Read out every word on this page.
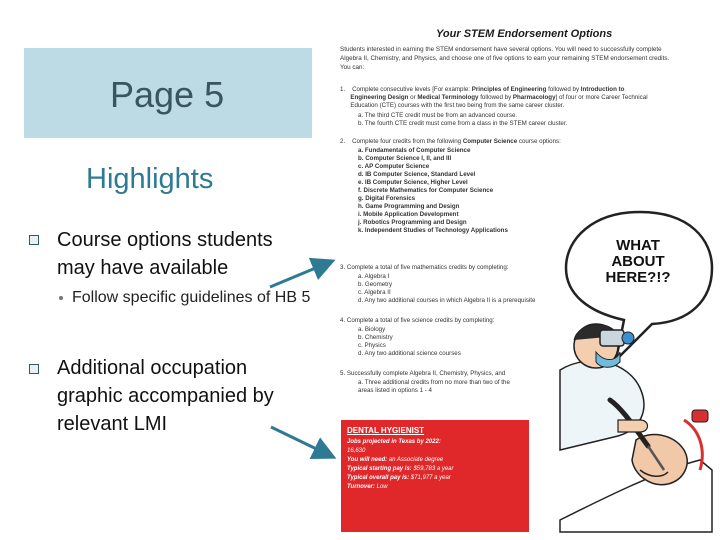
Page 5
Highlights
Course options students may have available
Follow specific guidelines of HB 5
Additional occupation graphic accompanied by relevant LMI
Your STEM Endorsement Options
Students interested in earning the STEM endorsement have several options. You will need to successfully complete Algebra II, Chemistry, and Physics, and choose one of five options to earn your remaining STEM endorsement credits. You can:
1. Complete consecutive levels [For example: Principles of Engineering followed by Introduction to
Engineering Design or Medical Terminology followed by Pharmacology] of four or more Career Technical
Education (CTE) courses with the first two being from the same career cluster.
a. The third CTE credit must be from an advanced course.
b. The fourth CTE credit must come from a class in the STEM career cluster.
2. Complete four credits from the following Computer Science course options:
a. Fundamentals of Computer Science
b. Computer Science I, II, and III
c. AP Computer Science
d. IB Computer Science, Standard Level
e. IB Computer Science, Higher Level
f. Discrete Mathematics for Computer Science
g. Digital Forensics
h. Game Programming and Design
i. Mobile Application Development
j. Robotics Programming and Design
k. Independent Studies of Technology Applications
3. Complete a total of five mathematics credits by completing:
a. Algebra I
b. Geometry
c. Algebra II
d. Any two additional courses in which Algebra II is a prerequisite
4. Complete a total of five science credits by completing:
a. Biology
b. Chemistry
c. Physics
d. Any two additional science courses
5. Successfully complete Algebra II, Chemistry, Physics, and
a. Three additional credits from no more than two of the
areas listed in options 1 - 4
WHAT ABOUT HERE?!?
DENTAL HYGIENIST
Jobs projected in Texas by 2022:
16,630
You will need: an Associate degree
Typical starting pay is: $59,783 a year
Typical overall pay is: $71,977 a year
Turnover: Low
